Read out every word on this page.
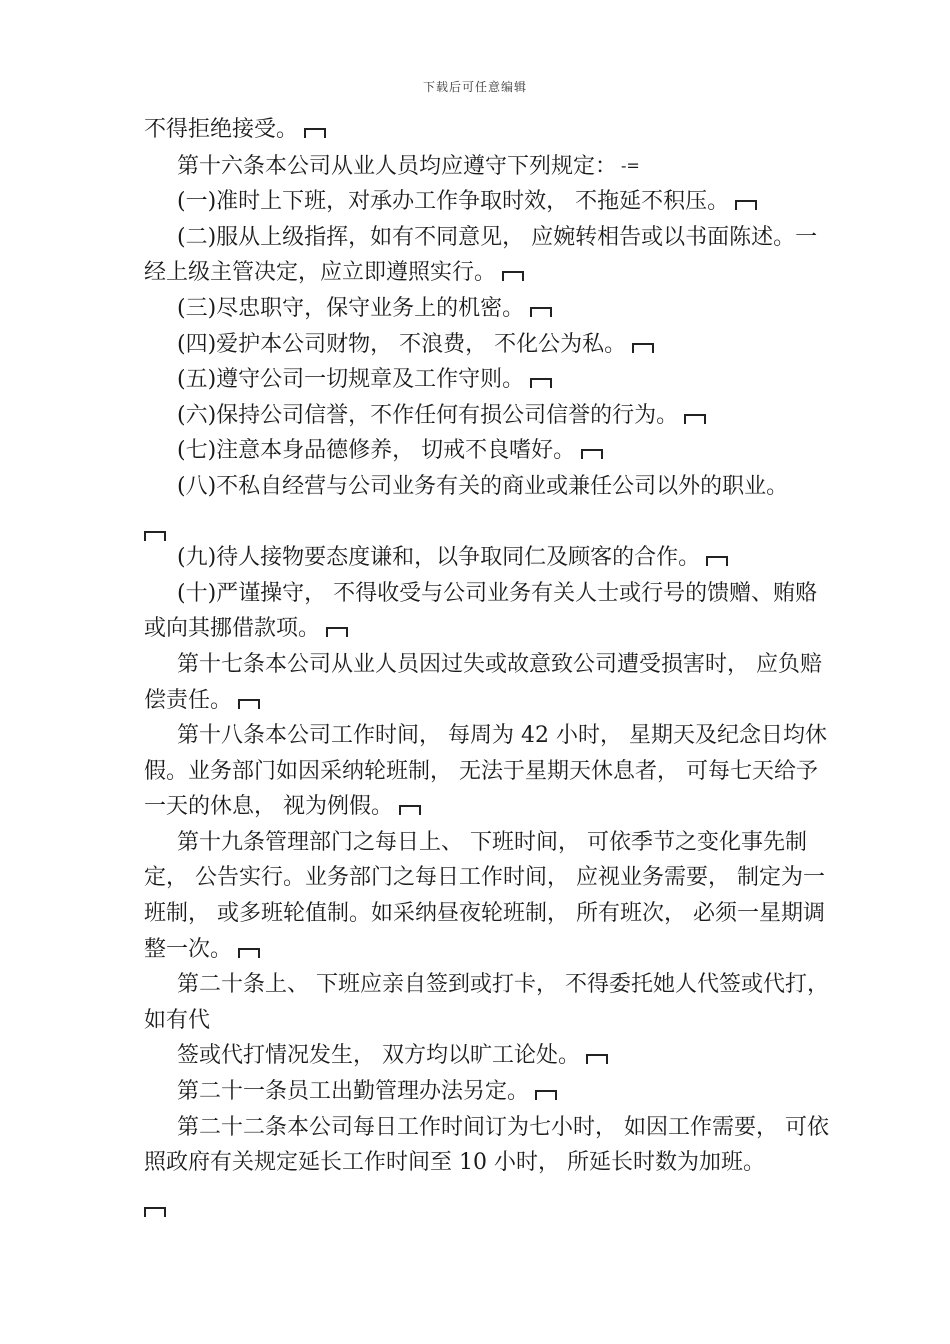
下载后可任意编辑

不得拒绝接受。

第十六条本公司从业人员均应遵守下列规定： -=

(一)准时上下班，对承办工作争取时效， 不拖延不积压。

(二)服从上级指挥，如有不同意见， 应婉转相告或以书面陈述。一经上级主管决定，应立即遵照实行。

(三)尽忠职守，保守业务上的机密。

(四)爱护本公司财物， 不浪费， 不化公为私。

(五)遵守公司一切规章及工作守则。

(六)保持公司信誉，不作任何有损公司信誉的行为。

(七)注意本身品德修养， 切戒不良嗜好。

(八)不私自经营与公司业务有关的商业或兼任公司以外的职业。

(九)待人接物要态度谦和，以争取同仁及顾客的合作。

(十)严谨操守， 不得收受与公司业务有关人士或行号的馈赠、贿赂或向其挪借款项。

第十七条本公司从业人员因过失或故意致公司遭受损害时， 应负赔偿责任。

第十八条本公司工作时间， 每周为 42 小时， 星期天及纪念日均休假。业务部门如因采纳轮班制， 无法于星期天休息者， 可每七天给予一天的休息， 视为例假。

第十九条管理部门之每日上、 下班时间， 可依季节之变化事先制定， 公告实行。业务部门之每日工作时间， 应视业务需要， 制定为一班制， 或多班轮值制。如采纳昼夜轮班制， 所有班次， 必须一星期调整一次。

第二十条上、 下班应亲自签到或打卡， 不得委托她人代签或代打， 如有代

签或代打情况发生， 双方均以旷工论处。

第二十一条员工出勤管理办法另定。

第二十二条本公司每日工作时间订为七小时， 如因工作需要， 可依照政府有关规定延长工作时间至 10 小时， 所延长时数为加班。
